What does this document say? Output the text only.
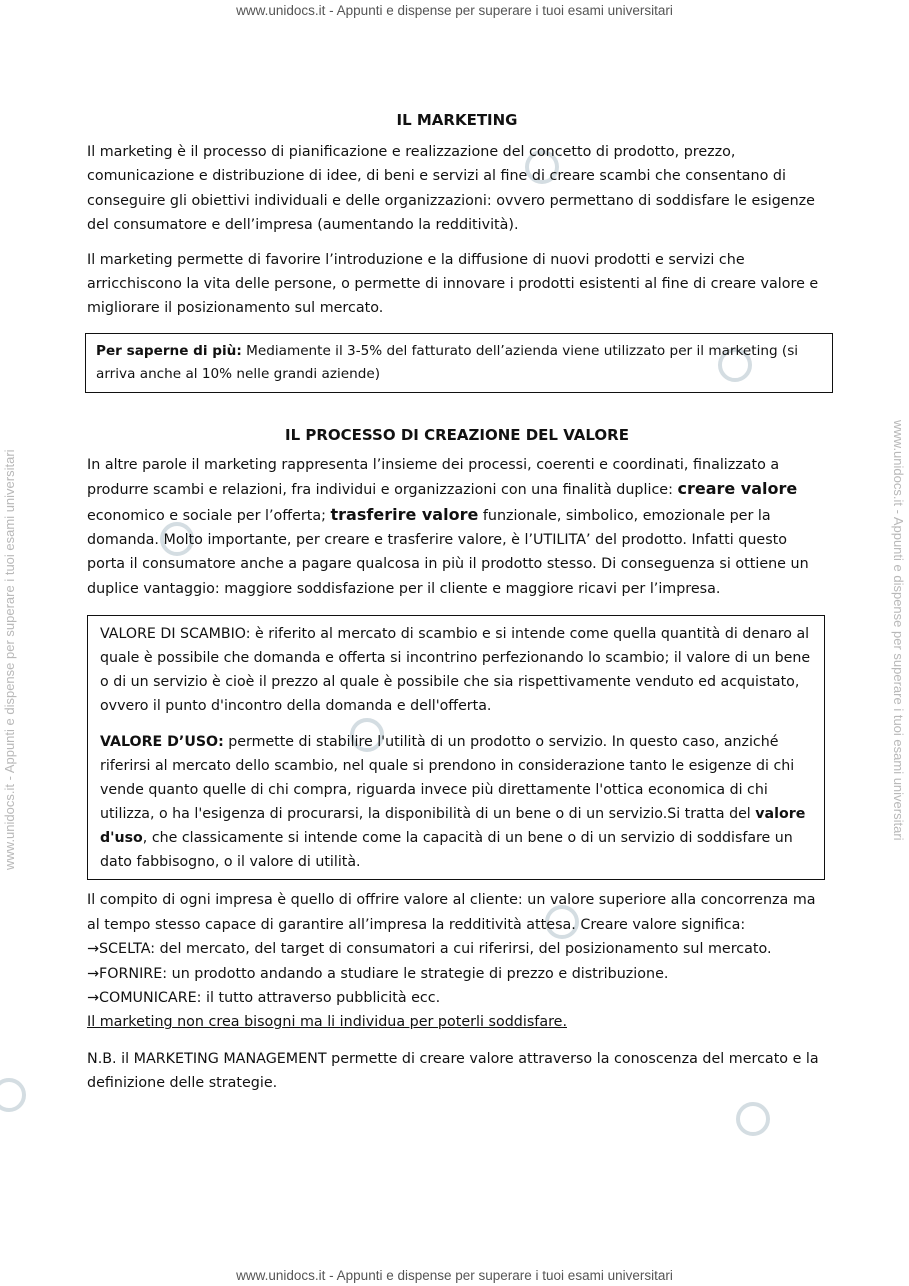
www.unidocs.it - Appunti e dispense per superare i tuoi esami universitari
www.unidocs.it - Appunti e dispense per superare i tuoi esami universitari	www.unidocs.it - Appunti e dispense per superare i tuoi esami universitari
IL MARKETING

Il marketing è il processo di pianificazione e realizzazione del concetto di prodotto, prezzo, comunicazione e distribuzione di idee, di beni e servizi al fine di creare scambi che consentano di conseguire gli obiettivi individuali e delle organizzazioni: ovvero permettano di soddisfare le esigenze del consumatore e dell’impresa (aumentando la redditività).

Il marketing permette di favorire l’introduzione e la diffusione di nuovi prodotti e servizi che arricchiscono la vita delle persone, o permette di innovare i prodotti esistenti al fine di creare valore e migliorare il posizionamento sul mercato.

Per saperne di più: Mediamente il 3-5% del fatturato dell’azienda viene utilizzato per il marketing (si arriva anche al 10% nelle grandi aziende)
IL PROCESSO DI CREAZIONE DEL VALORE

In altre parole il marketing rappresenta l’insieme dei processi, coerenti e coordinati, finalizzato a produrre scambi e relazioni, fra individui e organizzazioni con una finalità duplice: creare valore economico e sociale per l’offerta; trasferire valore funzionale, simbolico, emozionale per la domanda. Molto importante, per creare e trasferire valore, è l’UTILITA’ del prodotto. Infatti questo porta il consumatore anche a pagare qualcosa in più il prodotto stesso. Di conseguenza si ottiene un duplice vantaggio: maggiore soddisfazione per il cliente e maggiore ricavi per l’impresa.

VALORE DI SCAMBIO: è riferito al mercato di scambio e si intende come quella quantità di denaro al quale è possibile che domanda e offerta si incontrino perfezionando lo scambio; il valore di un bene o di un servizio è cioè il prezzo al quale è possibile che sia rispettivamente venduto ed acquistato, ovvero il punto d'incontro della domanda e dell'offerta.

VALORE D’USO: permette di stabilire l'utilità di un prodotto o servizio. In questo caso, anziché riferirsi al mercato dello scambio, nel quale si prendono in considerazione tanto le esigenze di chi vende quanto quelle di chi compra, riguarda invece più direttamente l'ottica economica di chi utilizza, o ha l'esigenza di procurarsi, la disponibilità di un bene o di un servizio.Si tratta del valore d'uso, che classicamente si intende come la capacità di un bene o di un servizio di soddisfare un dato fabbisogno, o il valore di utilità.

Il compito di ogni impresa è quello di offrire valore al cliente: un valore superiore alla concorrenza ma al tempo stesso capace di garantire all’impresa la redditività attesa. Creare valore significa:

→SCELTA: del mercato, del target di consumatori a cui riferirsi, del posizionamento sul mercato.

→FORNIRE: un prodotto andando a studiare le strategie di prezzo e distribuzione.

→COMUNICARE: il tutto attraverso pubblicità ecc.

Il marketing non crea bisogni ma li individua per poterli soddisfare.

N.B. il MARKETING MANAGEMENT permette di creare valore attraverso la conoscenza del mercato e la definizione delle strategie.

www.unidocs.it - Appunti e dispense per superare i tuoi esami universitari
